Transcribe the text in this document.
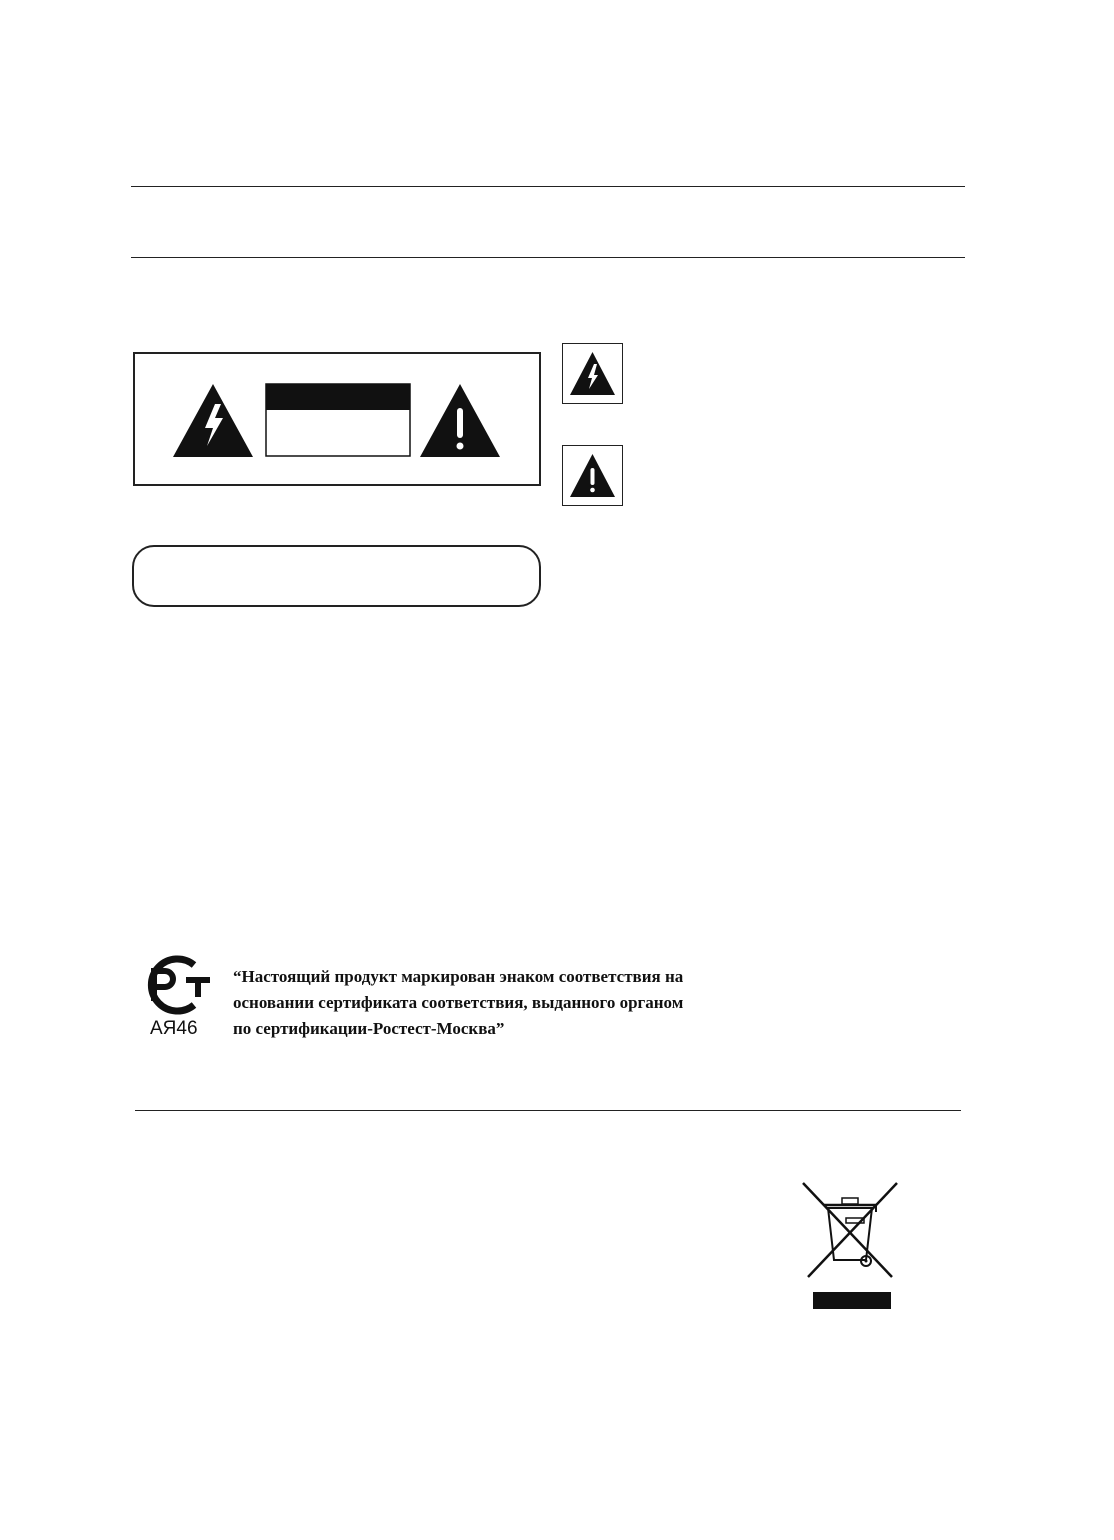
АЯ46
“Настоящий продукт маркирован энаком соответствия на
основании сертификата соответствия, выданного органом
по сертификации-Ростест-Москва”
